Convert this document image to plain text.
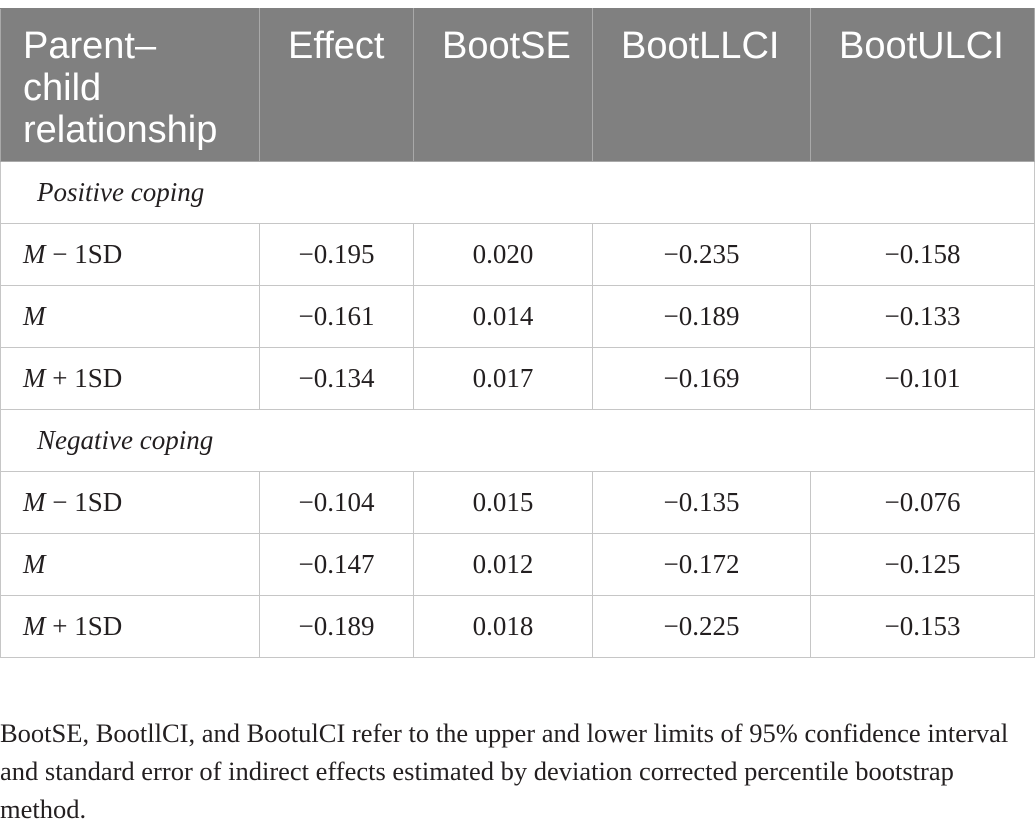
Parent–child relationship	Effect	BootSE	BootLLCI	BootULCI
Positive coping				
M − 1SD	−0.195	0.020	−0.235	−0.158
M	−0.161	0.014	−0.189	−0.133
M + 1SD	−0.134	0.017	−0.169	−0.101
Negative coping				
M − 1SD	−0.104	0.015	−0.135	−0.076
M	−0.147	0.012	−0.172	−0.125
M + 1SD	−0.189	0.018	−0.225	−0.153

BootSE, BootllCI, and BootulCI refer to the upper and lower limits of 95% confidence interval and standard error of indirect effects estimated by deviation corrected percentile bootstrap method.
